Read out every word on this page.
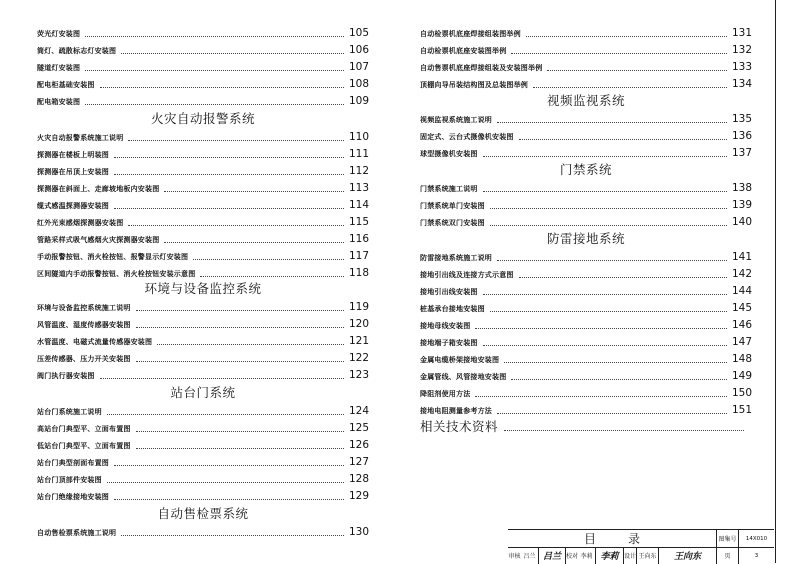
荧光灯安装图	105
筒灯、疏散标志灯安装图	106
隧道灯安装图	107
配电柜基础安装图	108
配电箱安装图	109
火灾自动报警系统
火灾自动报警系统施工说明	110
探测器在楼板上明装图	111
探测器在吊顶上安装图	112
探测器在斜面上、走廊坡地板内安装图	113
缆式感温探测器安装图	114
红外光束感烟探测器安装图	115
管路采样式吸气感烟火灾探测器安装图	116
手动报警按钮、消火栓按钮、报警显示灯安装图	117
区间隧道内手动报警按钮、消火栓按钮安装示意图	118
环境与设备监控系统
环境与设备监控系统施工说明	119
风管温度、湿度传感器安装图	120
水管温度、电磁式流量传感器安装图	121
压差传感器、压力开关安装图	122
阀门执行器安装图	123
站台门系统
站台门系统施工说明	124
高站台门典型平、立面布置图	125
低站台门典型平、立面布置图	126
站台门典型剖面布置图	127
站台门顶部件安装图	128
站台门绝缘接地安装图	129
自动售检票系统
自动售检票系统施工说明	130
自动检票机底座焊接组装图举例	131
自动检票机底座安装图举例	132
自动售票机底座焊接组装及安装图举例	133
顶棚向导吊装结构图及总装图举例	134
视频监视系统
视频监视系统施工说明	135
固定式、云台式摄像机安装图	136
球型摄像机安装图	137
门禁系统
门禁系统施工说明	138
门禁系统单门安装图	139
门禁系统双门安装图	140
防雷接地系统
防雷接地系统施工说明	141
接地引出线及连接方式示意图	142
接地引出线安装图	144
桩基承台接地安装图	145
接地母线安装图	146
接地端子箱安装图	147
金属电缆桥架接地安装图	148
金属管线、风管接地安装图	149
降阻剂使用方法	150
接地电阻测量参考方法	151
相关技术资料
目	录	图集号 14X010
审核 吕兰 吕兰 校对 李莉 李莉 设计 王向东 王向东	页	3
